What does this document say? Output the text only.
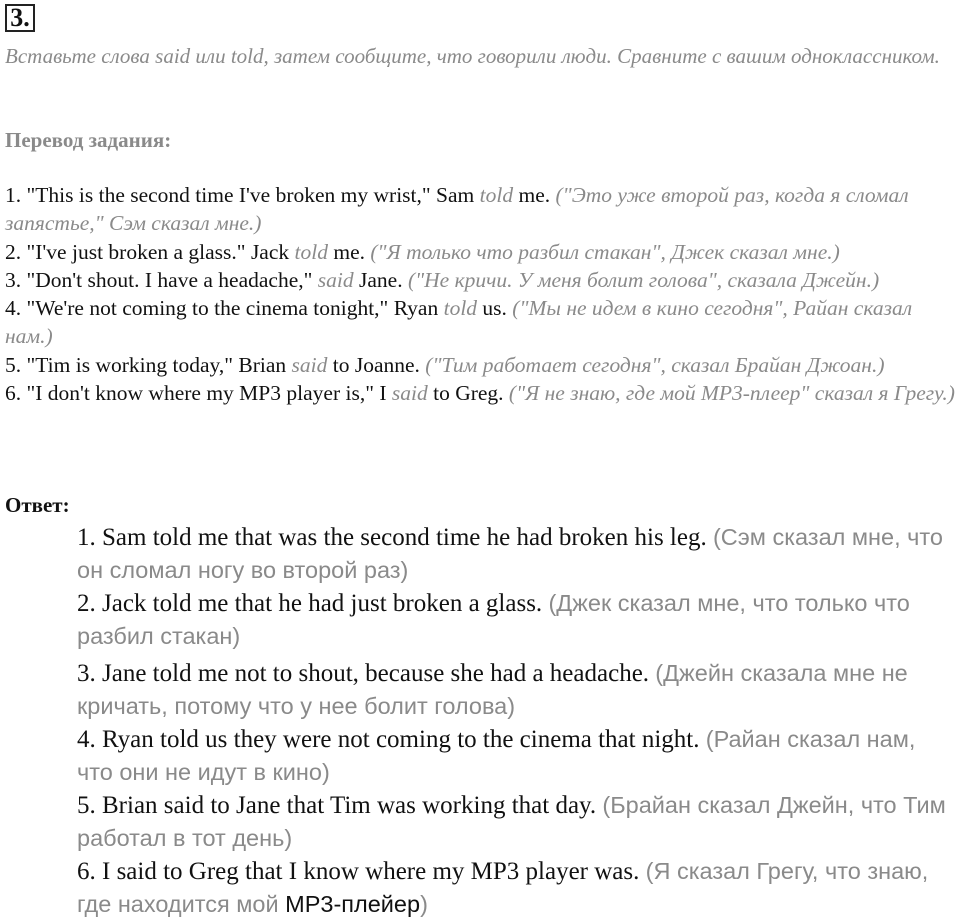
3.
Вставьте слова said или told, затем сообщите, что говорили люди. Сравните с вашим одноклассником.
Перевод задания:
1. "This is the second time I've broken my wrist," Sam told me. ("Это уже второй раз, когда я сломал запястье," Сэм сказал мне.)
2. "I've just broken a glass." Jack told me. ("Я только что разбил стакан", Джек сказал мне.)
3. "Don't shout. I have a headache," said Jane. ("Не кричи. У меня болит голова", сказала Джейн.)
4. "We're not coming to the cinema tonight," Ryan told us. ("Мы не идем в кино сегодня", Райан сказал нам.)
5. "Tim is working today," Brian said to Joanne. ("Тим работает сегодня", сказал Брайан Джоан.)
6. "I don't know where my MP3 player is," I said to Greg. ("Я не знаю, где мой MP3-плеер" сказал я Грегу.)
Ответ:
1. Sam told me that was the second time he had broken his leg. (Сэм сказал мне, что он сломал ногу во второй раз)
2. Jack told me that he had just broken a glass. (Джек сказал мне, что только что разбил стакан)
3. Jane told me not to shout, because she had a headache. (Джейн сказала мне не кричать, потому что у нее болит голова)
4. Ryan told us they were not coming to the cinema that night. (Райан сказал нам, что они не идут в кино)
5. Brian said to Jane that Tim was working that day. (Брайан сказал Джейн, что Тим работал в тот день)
6. I said to Greg that I know where my MP3 player was. (Я сказал Грегу, что знаю, где находится мой МР3-плейер)
